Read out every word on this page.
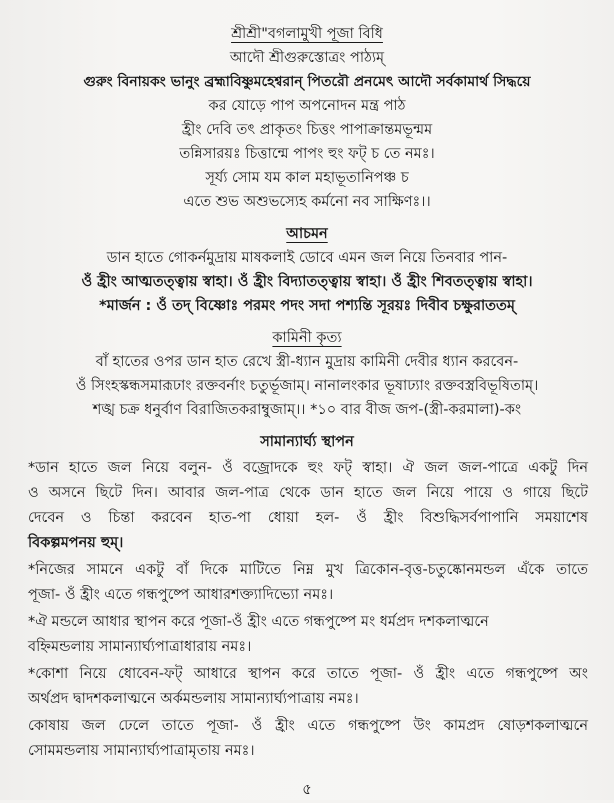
শ্রীশ্রী"বগলামুখী পূজা বিধি
আদৌ শ্রীগুরুস্তোত্রং পাঠ্যম্
গুরুং বিনায়কং ভানুং ব্রহ্মাবিষ্ণুমহেশ্বরান্ পিতরৌ প্রনমেৎ আদৌ সর্বকামার্থ সিদ্ধয়ে
কর যোড়ে পাপ অপনোদন মন্ত্র পাঠ
হ্রীং দেবি তৎ প্রাকৃতং চিত্তং পাপাক্রান্তমভূন্মম
তন্নিসারয়ঃ চিত্তান্মে পাপং হুং ফট্ চ তে নমঃ।
সূর্য্য সোম যম কাল মহাভূতানিপঞ্চ চ
এতে শুভ অশুভস্যেহ কর্মনো নব সাক্ষিণঃ।।
আচমন
ডান হাতে গোকর্নমুদ্রায় মাষকলাই ডোবে এমন জল নিয়ে তিনবার পান-
ওঁ হ্রীং আত্মতত্ত্বায় স্বাহা। ওঁ হ্রীং বিদ্যাতত্ত্বায় স্বাহা। ওঁ হ্রীং শিবতত্ত্বায় স্বাহা।
*মার্জন : ওঁ তদ্ বিষ্ণোঃ পরমং পদং সদা পশ্যন্তি সূরয়ঃ দিবীব চক্ষুরাততম্
কামিনী কৃত্য
বাঁ হাতের ওপর ডান হাত রেখে স্ত্রী-ধ্যান মুদ্রায় কামিনী দেবীর ধ্যান করবেন-
ওঁ সিংহস্কন্ধসমারূঢাং রক্তবর্নাং চতুর্ভূজাম্। নানালংকার ভূষাঢ্যাং রক্তবস্ত্রবিভূষিতাম্।
শঙ্খ চক্র ধনুর্বাণ বিরাজিতকরাম্বুজাম্।। *১০ বার বীজ জপ-(স্ত্রী-করমালা)-কং
সামান্যার্ঘ্য স্থাপন
*ডান হাতে জল নিয়ে বলুন- ওঁ বজ্রোদকে হুং ফট্ স্বাহা। ঐ জল জল-পাত্রে একটু দিন
ও অসনে ছিটে দিন। আবার জল-পাত্র থেকে ডান হাতে জল নিয়ে পায়ে ও গায়ে ছিটে
দেবেন ও চিন্তা করবেন হাত-পা ধোয়া হল- ওঁ হ্রীং বিশুদ্ধিসর্বপাপানি সময়াশেষ
বিকল্পমপনয় হুম্।
*নিজের সামনে একটু বাঁ দিকে মাটিতে নিম্ন মুখ ত্রিকোন-বৃত্ত-চতুষ্কোনমন্ডল এঁকে তাতে
পূজা- ওঁ হ্রীং এতে গন্ধপুষ্পে আধারশক্ত্যাদিভ্যো নমঃ।
*ঐ মন্ডলে আধার স্থাপন করে পূজা-ওঁ হ্রীং এতে গন্ধপুষ্পে মং ধর্মপ্রদ দশকলাত্মনে
বহ্নিমন্ডলায় সামান্যার্ঘ্যপাত্রাধারায় নমঃ।
*কোশা নিয়ে ধোবেন-ফট্ আধারে স্থাপন করে তাতে পূজা- ওঁ হ্রীং এতে গন্ধপুষ্পে অং
অর্থপ্রদ দ্বাদশকলাত্মনে অর্কমন্ডলায় সামান্যার্ঘ্যপাত্রায় নমঃ।
কোষায় জল ঢেলে তাতে পূজা- ওঁ হ্রীং এতে গন্ধপুষ্পে উং কামপ্রদ ষোড়শকলাত্মনে
সোমমন্ডলায় সামান্যার্ঘ্যপাত্রামৃতায় নমঃ।
৫
